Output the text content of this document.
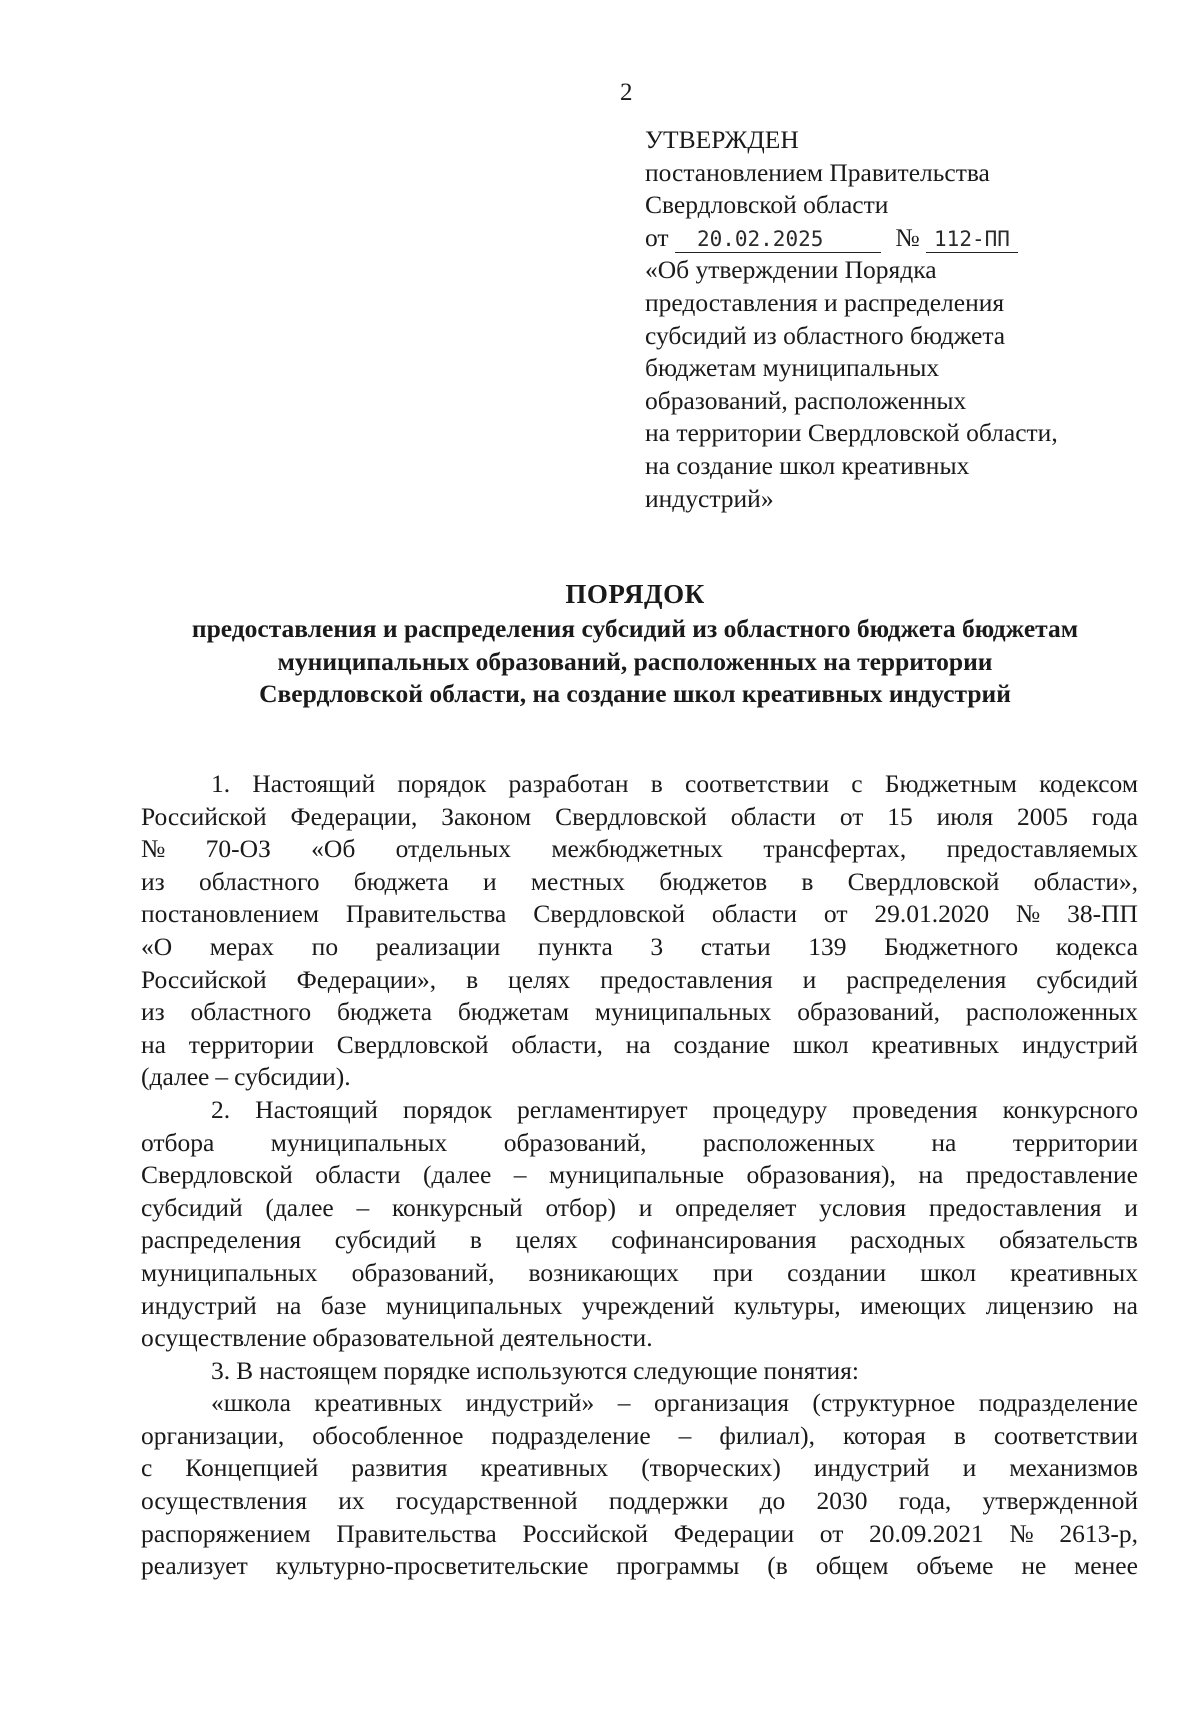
2
УТВЕРЖДЕН
постановлением Правительства
Свердловской области
от 20.02.2025	№ 112-ПП
«Об утверждении Порядка
предоставления и распределения
субсидий из областного бюджета
бюджетам муниципальных
образований, расположенных
на территории Свердловской области,
на создание школ креативных
индустрий»
ПОРЯДОК
предоставления и распределения субсидий из областного бюджета бюджетам
муниципальных образований, расположенных на территории
Свердловской области, на создание школ креативных индустрий
1. Настоящий порядок разработан в соответствии с Бюджетным кодексом
Российской Федерации, Законом Свердловской области от 15 июля 2005 года
№ 70-ОЗ «Об отдельных межбюджетных трансфертах, предоставляемых
из областного бюджета и местных бюджетов в Свердловской области»,
постановлением Правительства Свердловской области от 29.01.2020 № 38-ПП
«О мерах по реализации пункта 3 статьи 139 Бюджетного кодекса
Российской Федерации», в целях предоставления и распределения субсидий
из областного бюджета бюджетам муниципальных образований, расположенных
на территории Свердловской области, на создание школ креативных индустрий
(далее – субсидии).
2. Настоящий порядок регламентирует процедуру проведения конкурсного
отбора муниципальных образований, расположенных на территории
Свердловской области (далее – муниципальные образования), на предоставление
субсидий (далее – конкурсный отбор) и определяет условия предоставления и
распределения субсидий в целях софинансирования расходных обязательств
муниципальных образований, возникающих при создании школ креативных
индустрий на базе муниципальных учреждений культуры, имеющих лицензию на
осуществление образовательной деятельности.
3. В настоящем порядке используются следующие понятия:
«школа креативных индустрий» – организация (структурное подразделение
организации, обособленное подразделение – филиал), которая в соответствии
с Концепцией развития креативных (творческих) индустрий и механизмов
осуществления их государственной поддержки до 2030 года, утвержденной
распоряжением Правительства Российской Федерации от 20.09.2021 № 2613-р,
реализует культурно-просветительские программы (в общем объеме не менее
